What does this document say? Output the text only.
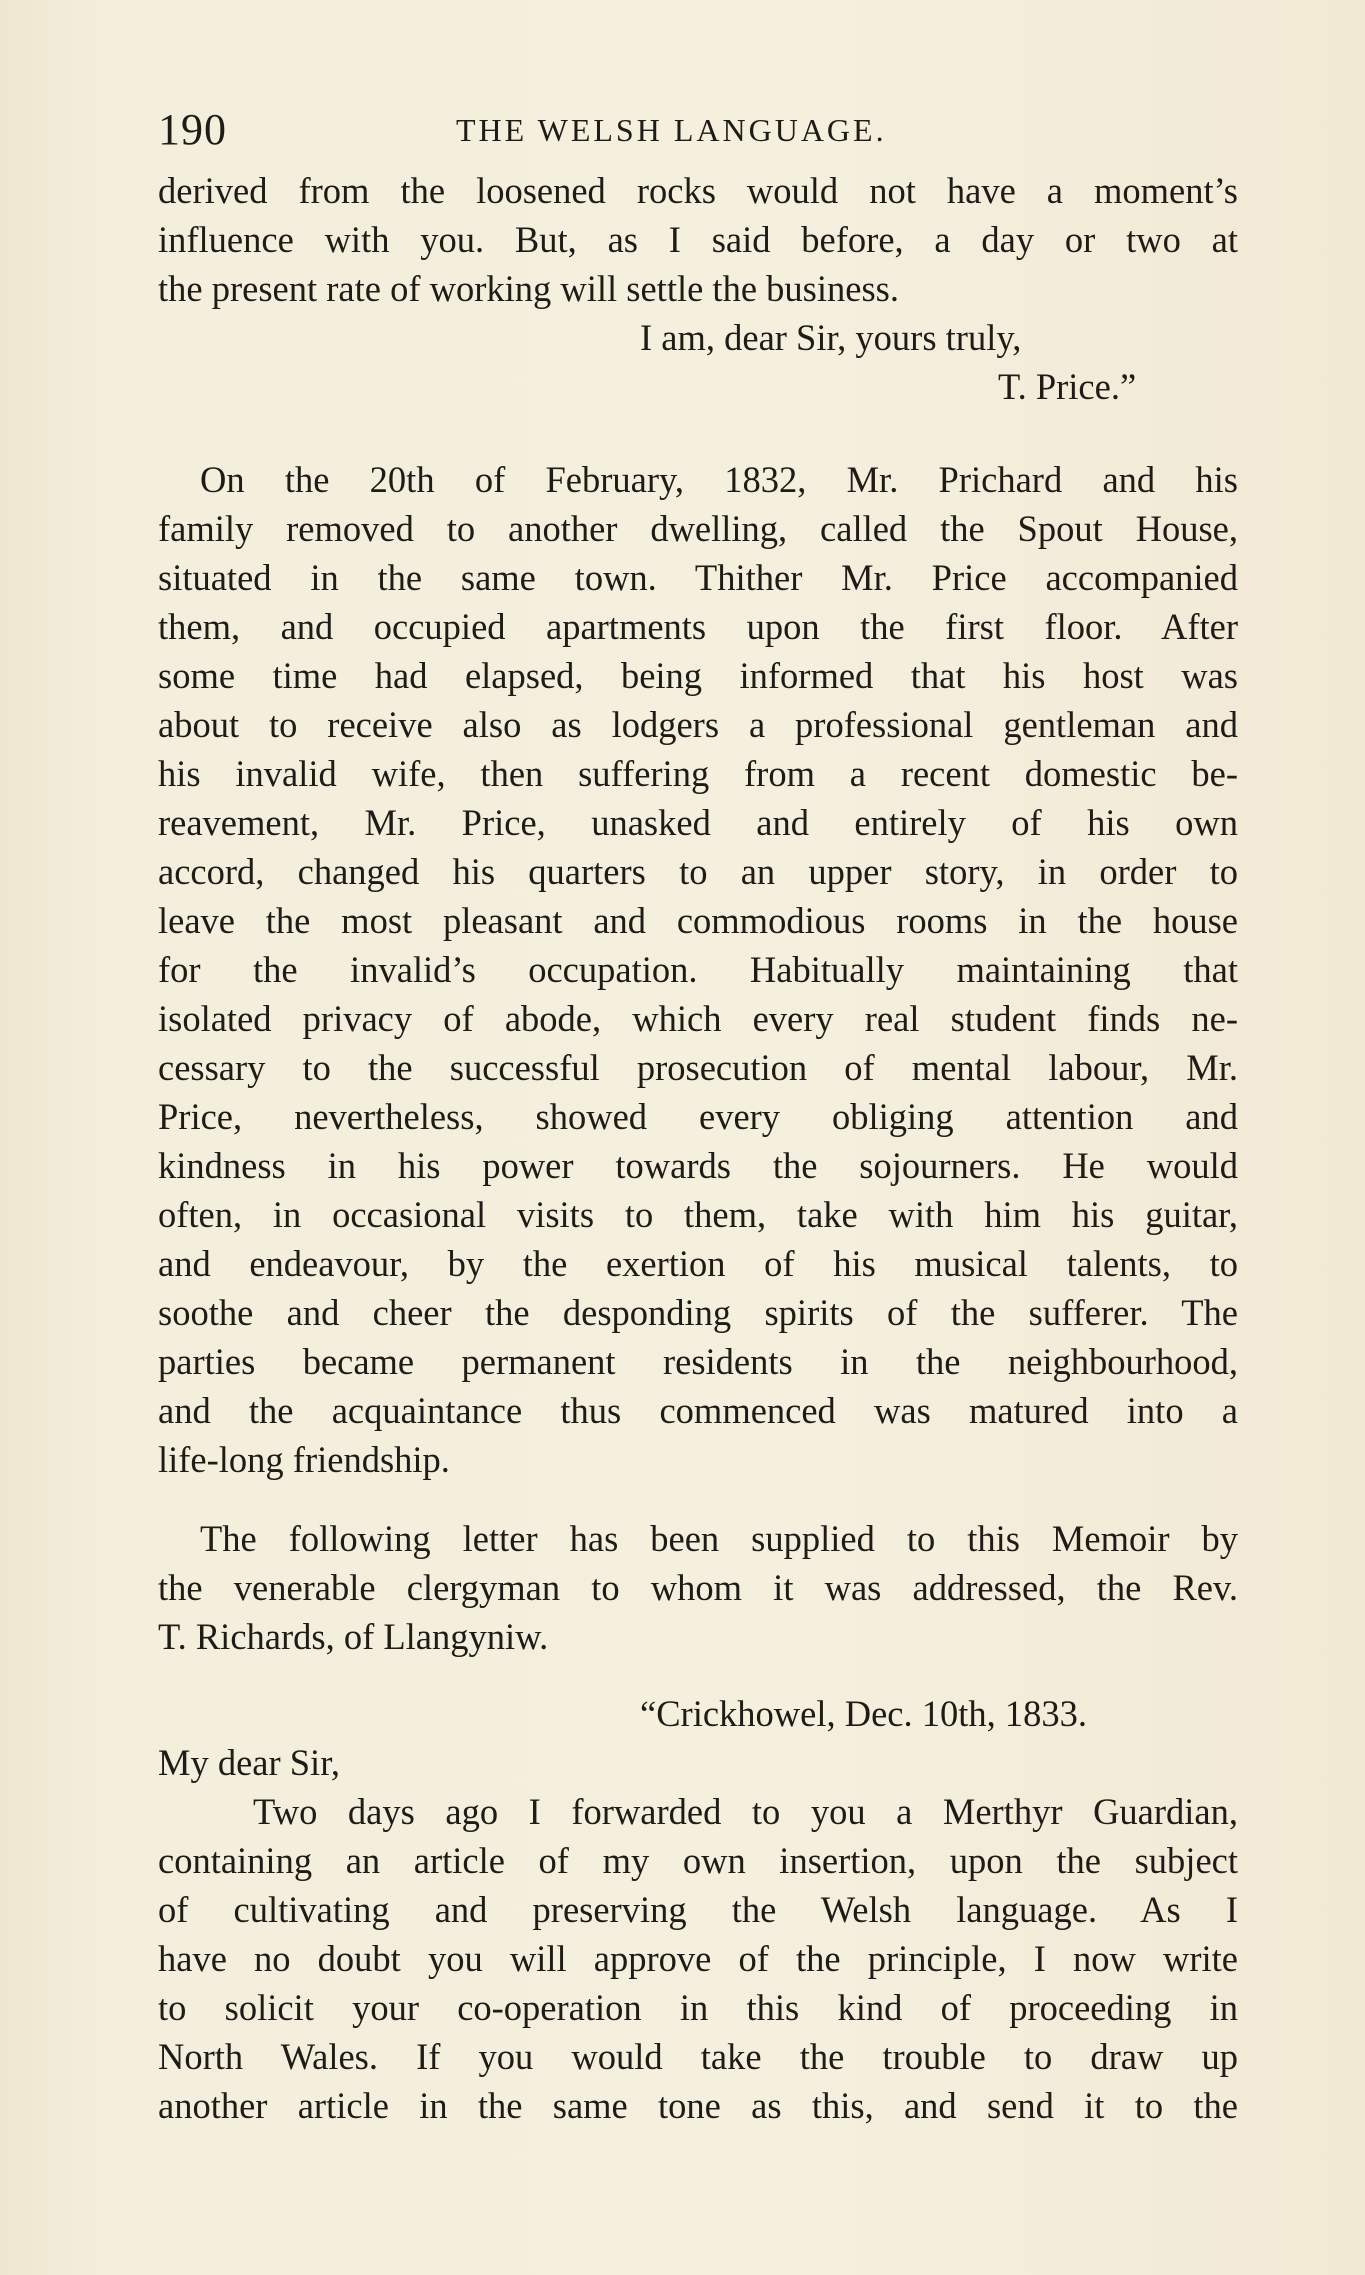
190	THE WELSH LANGUAGE.
derived from the loosened rocks would not have a moment’s
influence with you. But, as I said before, a day or two at
the present rate of working will settle the business.
I am, dear Sir, yours truly,
T. Price.”
On the 20th of February, 1832, Mr. Prichard and his
family removed to another dwelling, called the Spout House,
situated in the same town. Thither Mr. Price accompanied
them, and occupied apartments upon the first floor. After
some time had elapsed, being informed that his host was
about to receive also as lodgers a professional gentleman and
his invalid wife, then suffering from a recent domestic be-
reavement, Mr. Price, unasked and entirely of his own
accord, changed his quarters to an upper story, in order to
leave the most pleasant and commodious rooms in the house
for the invalid’s occupation. Habitually maintaining that
isolated privacy of abode, which every real student finds ne-
cessary to the successful prosecution of mental labour, Mr.
Price, nevertheless, showed every obliging attention and
kindness in his power towards the sojourners. He would
often, in occasional visits to them, take with him his guitar,
and endeavour, by the exertion of his musical talents, to
soothe and cheer the desponding spirits of the sufferer. The
parties became permanent residents in the neighbourhood,
and the acquaintance thus commenced was matured into a
life-long friendship.
The following letter has been supplied to this Memoir by
the venerable clergyman to whom it was addressed, the Rev.
T. Richards, of Llangyniw.
“Crickhowel, Dec. 10th, 1833.
My dear Sir,
Two days ago I forwarded to you a Merthyr Guardian,
containing an article of my own insertion, upon the subject
of cultivating and preserving the Welsh language. As I
have no doubt you will approve of the principle, I now write
to solicit your co-operation in this kind of proceeding in
North Wales. If you would take the trouble to draw up
another article in the same tone as this, and send it to the
